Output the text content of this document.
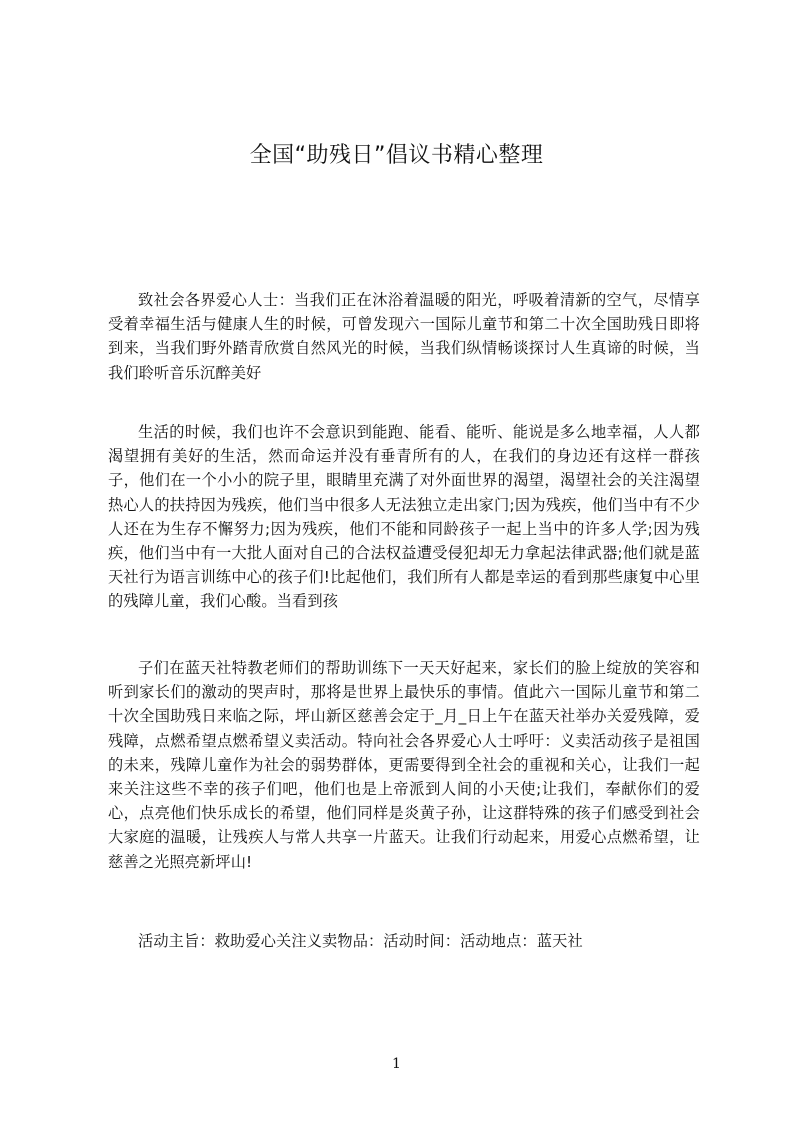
全国“助残日”倡议书精心整理

致社会各界爱心人士：当我们正在沐浴着温暖的阳光，呼吸着清新的空气，尽情享受着幸福生活与健康人生的时候，可曾发现六一国际儿童节和第二十次全国助残日即将到来，当我们野外踏青欣赏自然风光的时候，当我们纵情畅谈探讨人生真谛的时候，当我们聆听音乐沉醉美好

生活的时候，我们也许不会意识到能跑、能看、能听、能说是多么地幸福，人人都渴望拥有美好的生活，然而命运并没有垂青所有的人，在我们的身边还有这样一群孩子，他们在一个小小的院子里，眼睛里充满了对外面世界的渴望，渴望社会的关注渴望热心人的扶持因为残疾，他们当中很多人无法独立走出家门;因为残疾，他们当中有不少人还在为生存不懈努力;因为残疾，他们不能和同龄孩子一起上当中的许多人学;因为残疾，他们当中有一大批人面对自己的合法权益遭受侵犯却无力拿起法律武器;他们就是蓝天社行为语言训练中心的孩子们!比起他们，我们所有人都是幸运的看到那些康复中心里的残障儿童，我们心酸。当看到孩

子们在蓝天社特教老师们的帮助训练下一天天好起来，家长们的脸上绽放的笑容和听到家长们的激动的哭声时，那将是世界上最快乐的事情。值此六一国际儿童节和第二十次全国助残日来临之际，坪山新区慈善会定于_月_日上午在蓝天社举办关爱残障，爱残障，点燃希望点燃希望义卖活动。特向社会各界爱心人士呼吁：义卖活动孩子是祖国的未来，残障儿童作为社会的弱势群体，更需要得到全社会的重视和关心，让我们一起来关注这些不幸的孩子们吧，他们也是上帝派到人间的小天使;让我们，奉献你们的爱心，点亮他们快乐成长的希望，他们同样是炎黄子孙，让这群特殊的孩子们感受到社会大家庭的温暖，让残疾人与常人共享一片蓝天。让我们行动起来，用爱心点燃希望，让慈善之光照亮新坪山!

活动主旨：救助爱心关注义卖物品：活动时间：活动地点：蓝天社

1
